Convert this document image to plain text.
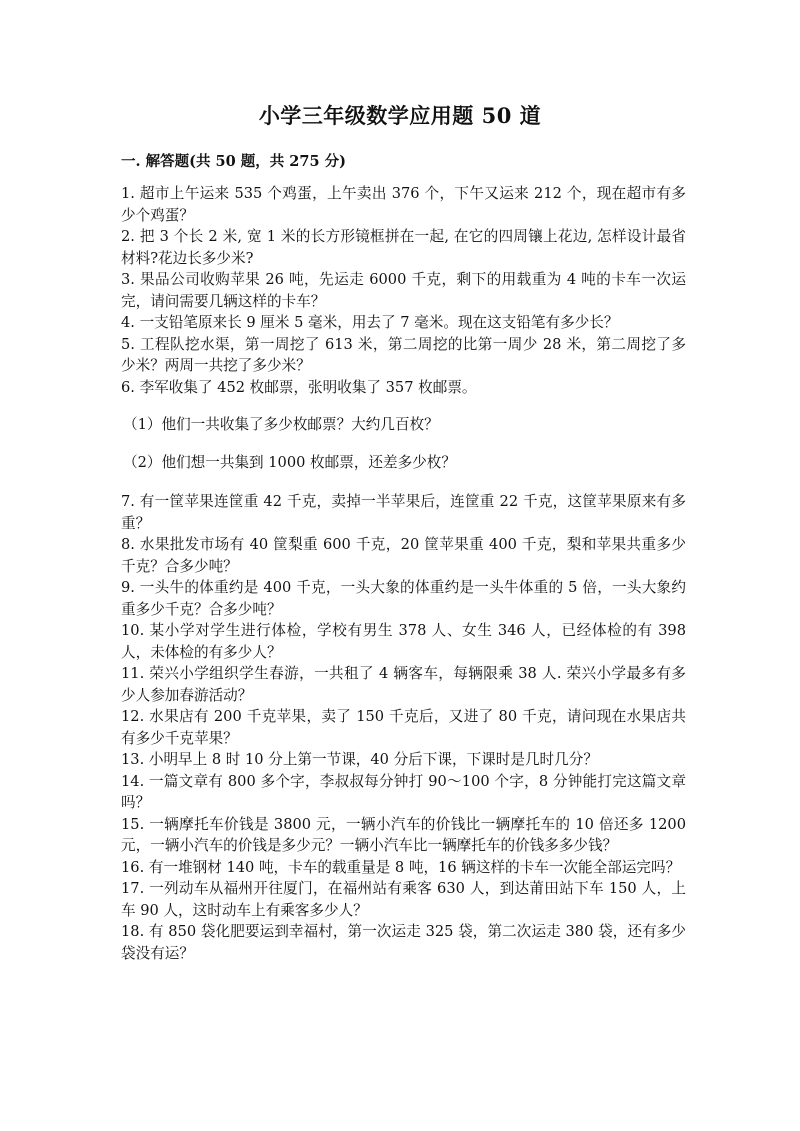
小学三年级数学应用题 50 道
一. 解答题(共 50 题，共 275 分)

1. 超市上午运来 535 个鸡蛋，上午卖出 376 个，下午又运来 212 个，现在超市有多少个鸡蛋？

2. 把 3 个长 2 米, 宽 1 米的长方形镜框拼在一起, 在它的四周镶上花边, 怎样设计最省材料?花边长多少米?

3. 果品公司收购苹果 26 吨，先运走 6000 千克，剩下的用载重为 4 吨的卡车一次运完，请问需要几辆这样的卡车？

4. 一支铅笔原来长 9 厘米 5 毫米，用去了 7 毫米。现在这支铅笔有多少长？

5. 工程队挖水渠，第一周挖了 613 米，第二周挖的比第一周少 28 米，第二周挖了多少米？两周一共挖了多少米？

6. 李军收集了 452 枚邮票，张明收集了 357 枚邮票。

（1）他们一共收集了多少枚邮票？大约几百枚？

（2）他们想一共集到 1000 枚邮票，还差多少枚？

7. 有一筐苹果连筐重 42 千克，卖掉一半苹果后，连筐重 22 千克，这筐苹果原来有多重？

8. 水果批发市场有 40 筐梨重 600 千克，20 筐苹果重 400 千克，梨和苹果共重多少千克？合多少吨？

9. 一头牛的体重约是 400 千克，一头大象的体重约是一头牛体重的 5 倍，一头大象约重多少千克？合多少吨？

10. 某小学对学生进行体检，学校有男生 378 人、女生 346 人，已经体检的有 398 人，未体检的有多少人？

11. 荣兴小学组织学生春游，一共租了 4 辆客车，每辆限乘 38 人. 荣兴小学最多有多少人参加春游活动？

12. 水果店有 200 千克苹果，卖了 150 千克后，又进了 80 千克，请问现在水果店共有多少千克苹果？

13. 小明早上 8 时 10 分上第一节课，40 分后下课，下课时是几时几分？

14. 一篇文章有 800 多个字，李叔叔每分钟打 90～100 个字，8 分钟能打完这篇文章吗？

15. 一辆摩托车价钱是 3800 元，一辆小汽车的价钱比一辆摩托车的 10 倍还多 1200 元，一辆小汽车的价钱是多少元？一辆小汽车比一辆摩托车的价钱多多少钱？

16. 有一堆钢材 140 吨，卡车的载重量是 8 吨，16 辆这样的卡车一次能全部运完吗？

17. 一列动车从福州开往厦门，在福州站有乘客 630 人，到达莆田站下车 150 人，上车 90 人，这时动车上有乘客多少人？

18. 有 850 袋化肥要运到幸福村，第一次运走 325 袋，第二次运走 380 袋，还有多少袋没有运？
